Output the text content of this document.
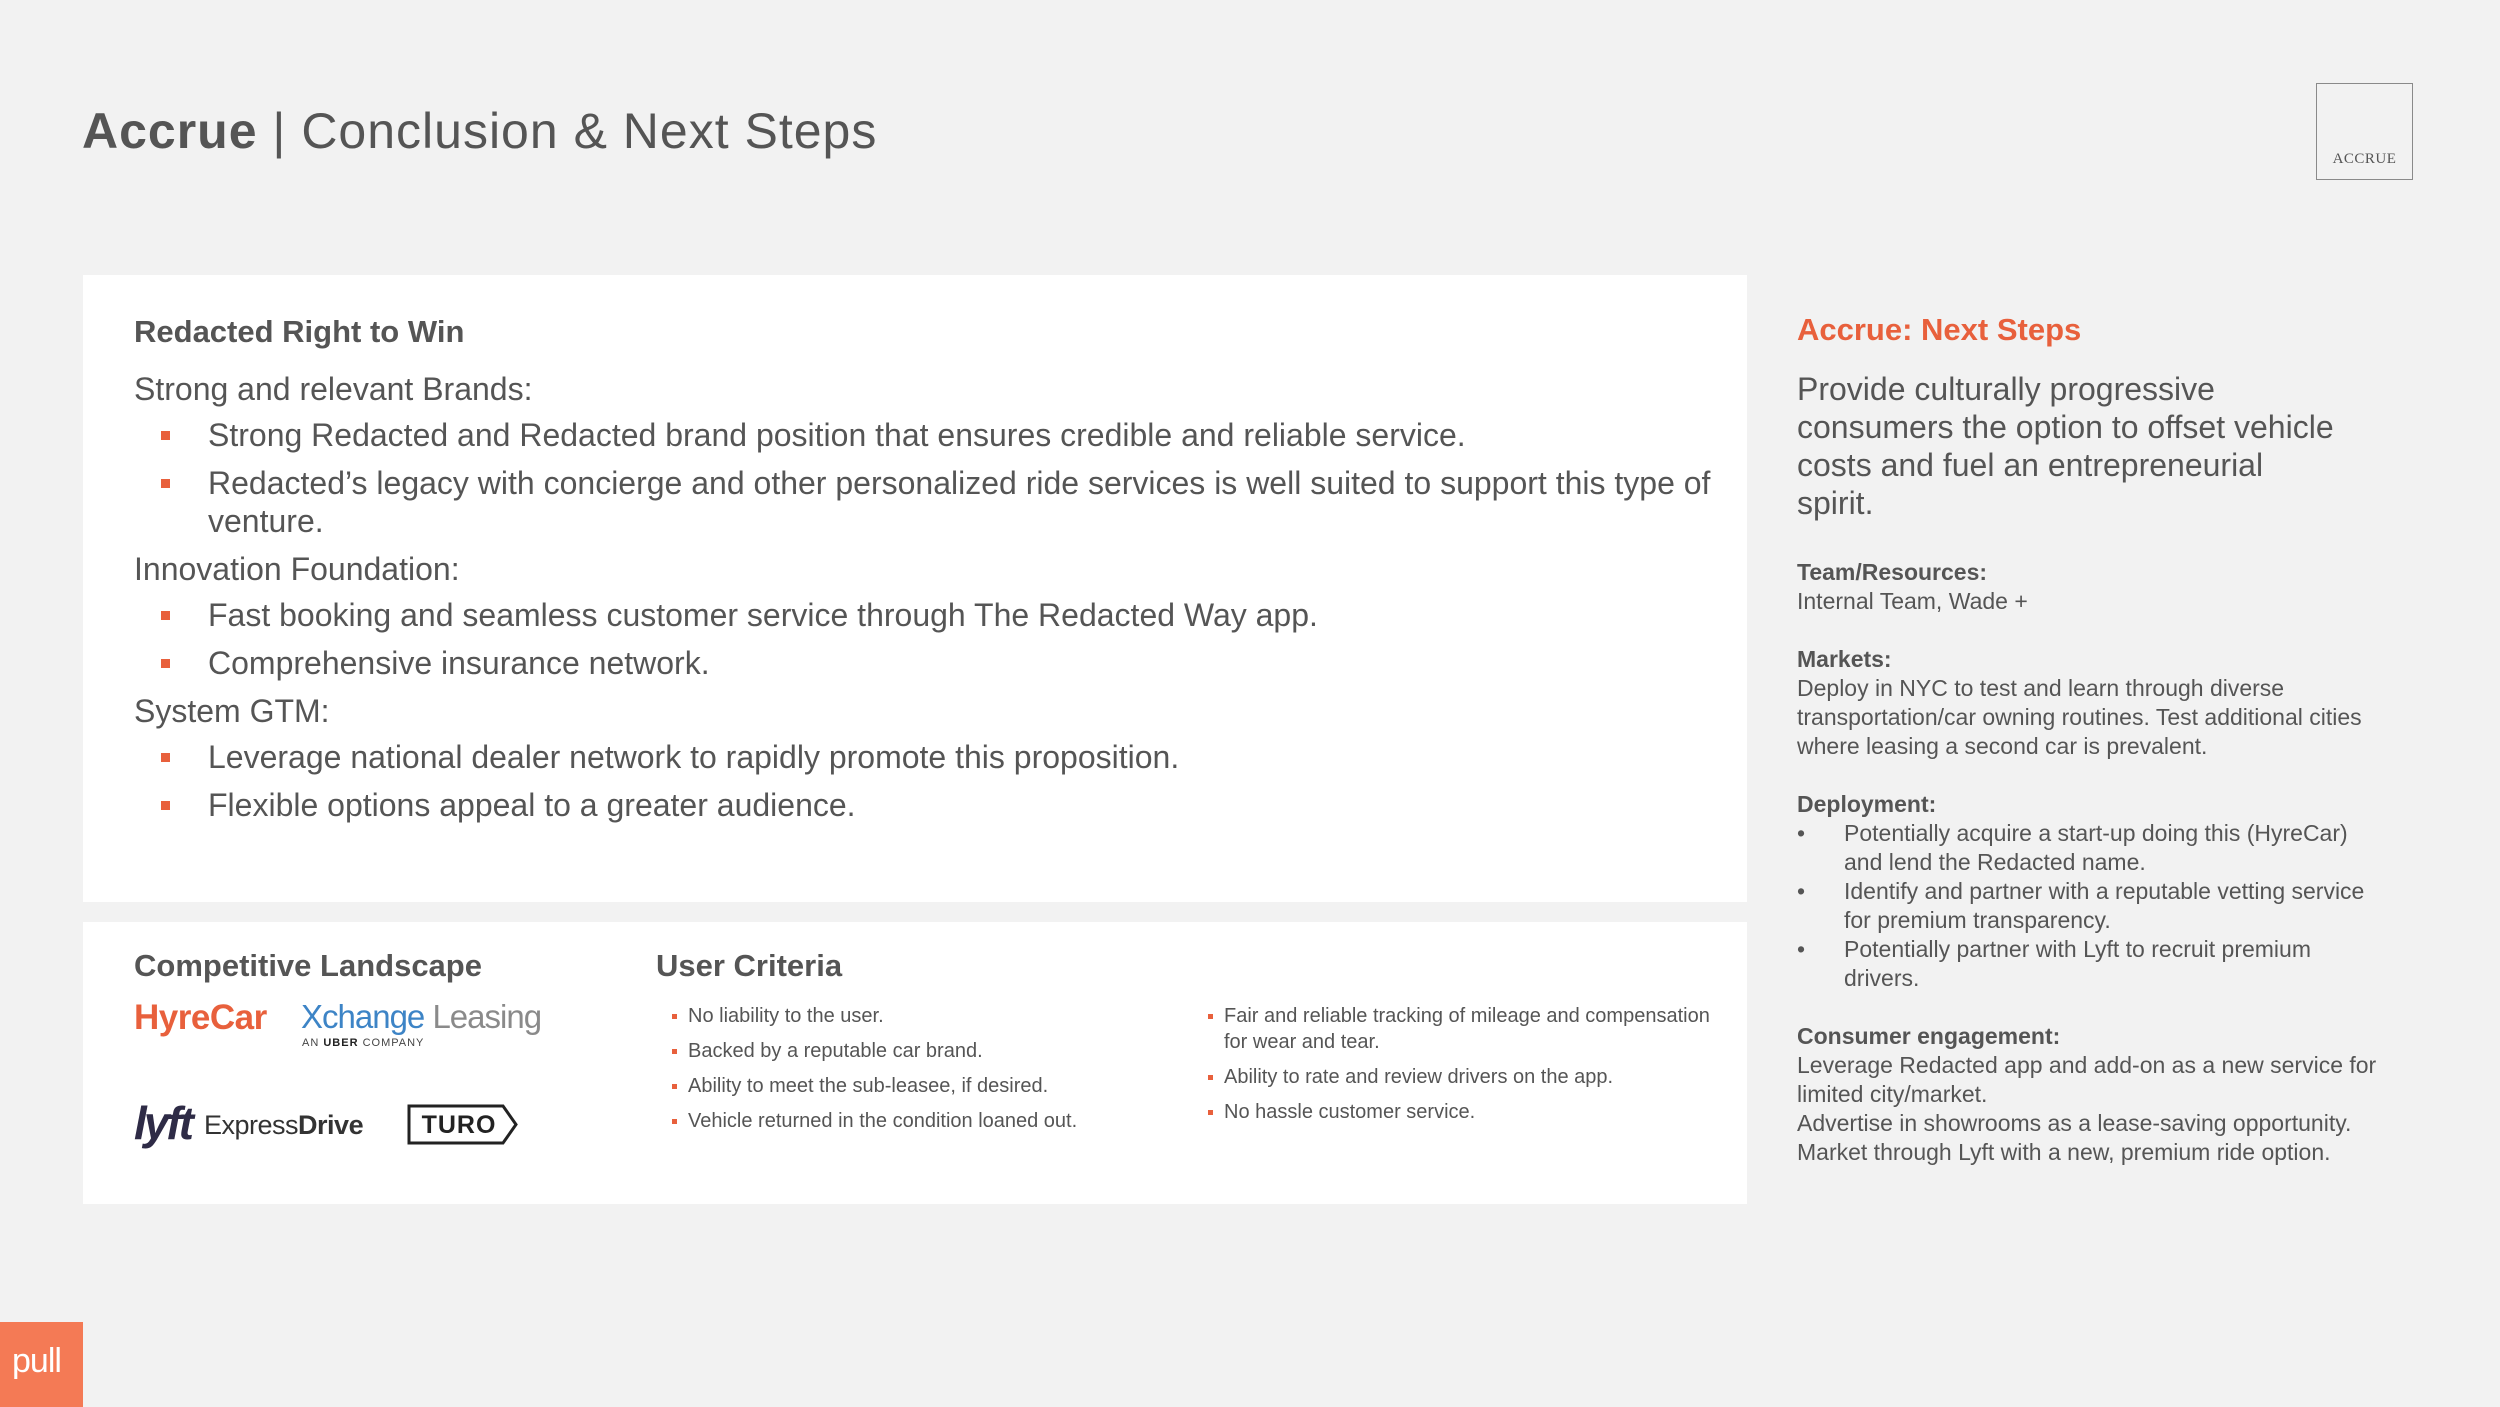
Accrue | Conclusion & Next Steps	ACCRUE
Redacted Right to Win
Strong and relevant Brands:
Strong Redacted and Redacted brand position that ensures credible and reliable service.
Redacted’s legacy with concierge and other personalized ride services is well suited to support this type of venture.
Innovation Foundation:
Fast booking and seamless customer service through The Redacted Way app.
Comprehensive insurance network.
System GTM:
Leverage national dealer network to rapidly promote this proposition.
Flexible options appeal to a greater audience.
Competitive Landscape
HyreCar Xchange Leasing
AN UBER COMPANY
lyft ExpressDrive TURO
User Criteria
No liability to the user.
Backed by a reputable car brand.
Ability to meet the sub-leasee, if desired.
Vehicle returned in the condition loaned out.
Fair and reliable tracking of mileage and compensation for wear and tear.
Ability to rate and review drivers on the app.
No hassle customer service.
Accrue: Next Steps
Provide culturally progressive consumers the option to offset vehicle costs and fuel an entrepreneurial spirit.
Team/Resources:
Internal Team, Wade +
Markets:
Deploy in NYC to test and learn through diverse transportation/car owning routines. Test additional cities where leasing a second car is prevalent.
Deployment:
• Potentially acquire a start-up doing this (HyreCar) and lend the Redacted name.
• Identify and partner with a reputable vetting service for premium transparency.
• Potentially partner with Lyft to recruit premium drivers.
Consumer engagement:
Leverage Redacted app and add-on as a new service for limited city/market.
Advertise in showrooms as a lease-saving opportunity.
Market through Lyft with a new, premium ride option.
pull
